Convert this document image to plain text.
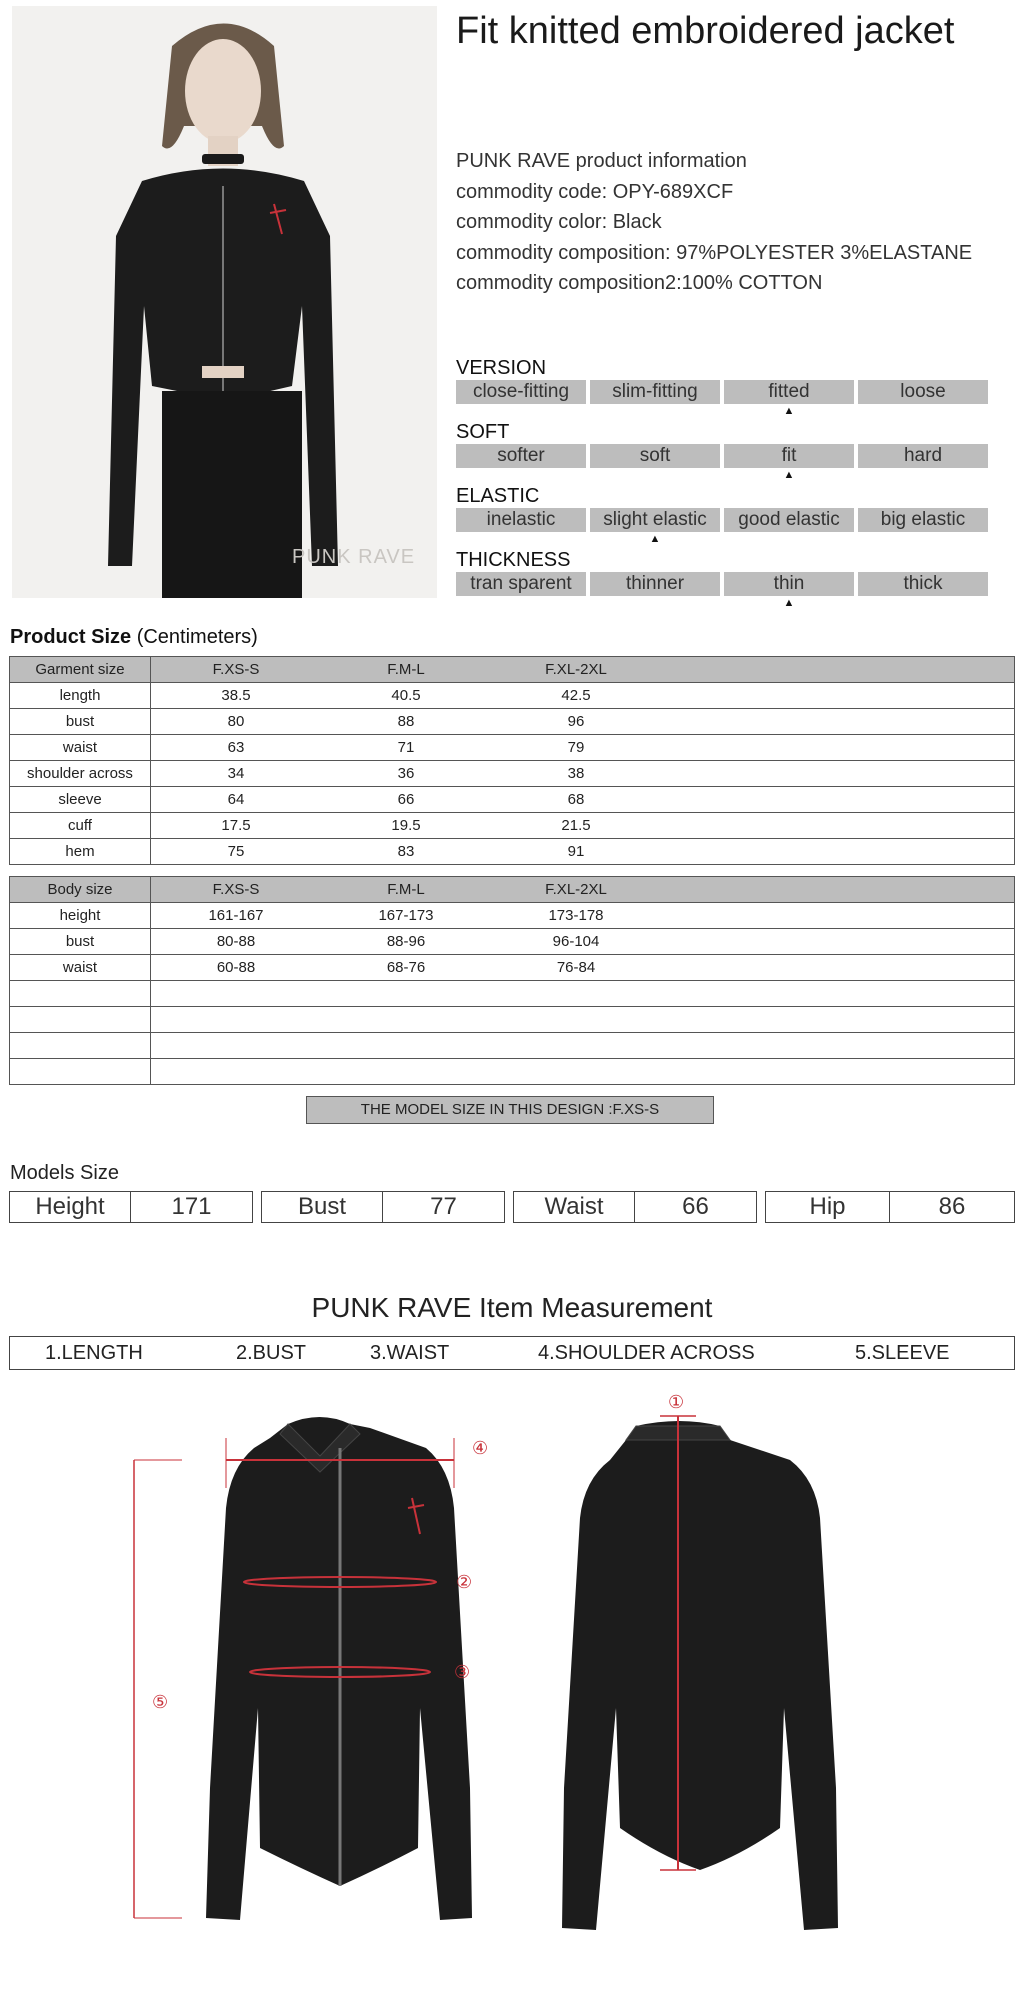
PUNK RAVE
Fit knitted embroidered jacket
PUNK RAVE product information
commodity code: OPY-689XCF
commodity color: Black
commodity composition: 97%POLYESTER 3%ELASTANE
commodity composition2:100% COTTON
VERSION
close-fitting	slim-fitting	fitted	loose
▲
SOFT
softer	soft	fit	hard
▲
ELASTIC
inelastic	slight elastic	good elastic	big elastic
▲
THICKNESS
tran sparent	thinner	thin	thick
▲
Product Size (Centimeters)
Garment size	F.XS-S F.M-L F.XL-2XL

length	38.5 40.5 42.5

bust	80 88 96

waist	63 71 79

shoulder across	34 36 38

sleeve	64 66 68

cuff	17.5 19.5 21.5

hem	75 83 91
Body size	F.XS-S F.M-L F.XL-2XL

height	161-167 167-173 173-178

bust	80-88 88-96 96-104

waist	60-88 68-76 76-84

THE MODEL SIZE IN THIS DESIGN :F.XS-S
Models Size
Height	171	Bust	77	Waist	66	Hip	86
PUNK RAVE Item Measurement
1.LENGTH	2.BUST	3.WAIST	4.SHOULDER ACROSS	5.SLEEVE
④
②
③
⑤
①
